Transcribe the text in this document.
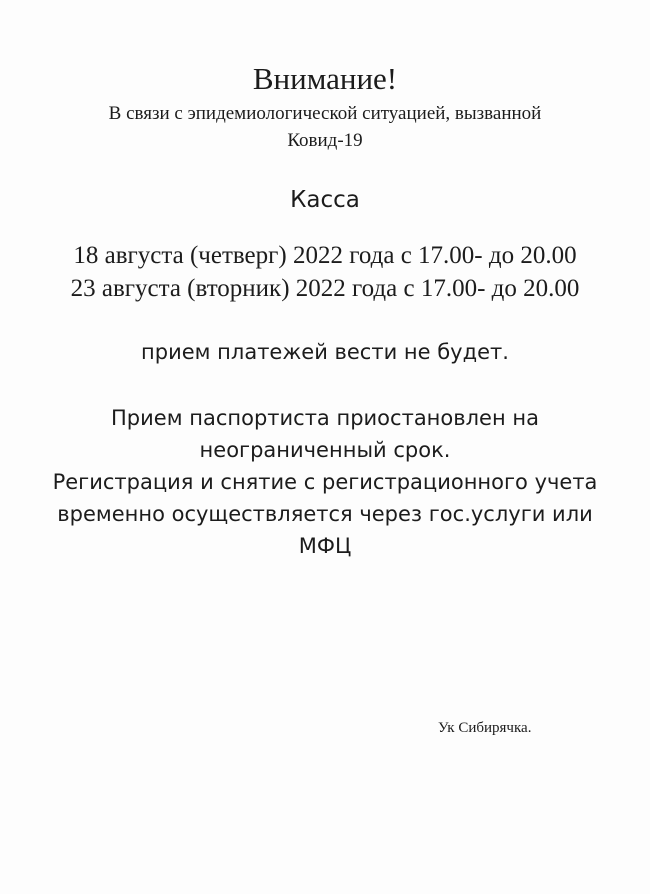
Внимание!
В связи с эпидемиологической ситуацией, вызванной
Ковид-19
Касса
18 августа (четверг) 2022 года с 17.00- до 20.00
23 августа (вторник) 2022 года с 17.00- до 20.00
прием платежей вести не будет.
Прием паспортиста приостановлен на
неограниченный срок.
Регистрация и снятие с регистрационного учета
временно осуществляется через гос.услуги или
МФЦ
Ук Сибирячка.
